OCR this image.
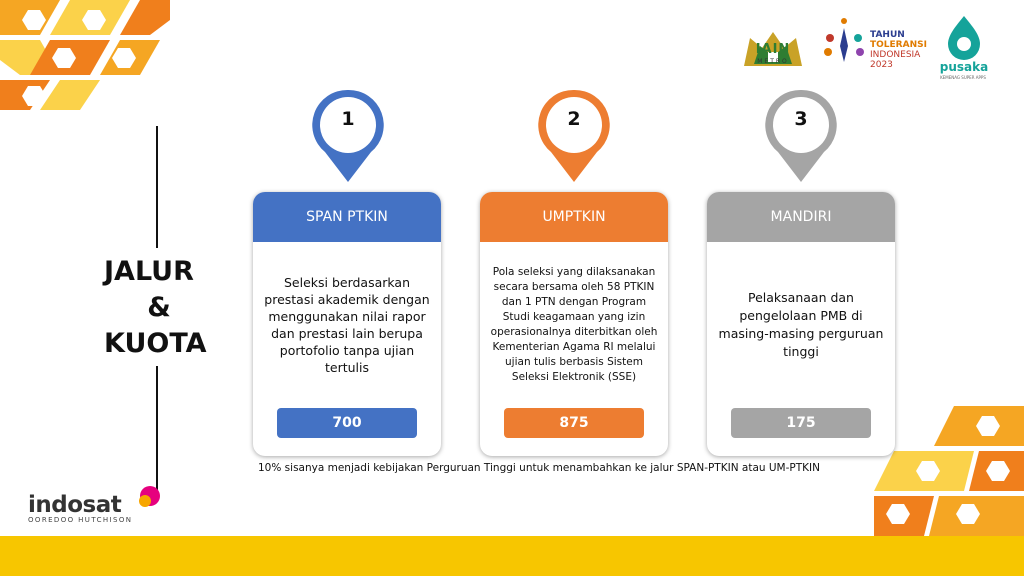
IAIN
METRO
TAHUN
TOLERANSI
INDONESIA
2023	pusaka
KEMENAG SUPER APPS
JALUR
&
KUOTA
1	2	3
SPAN PTKIN
Seleksi berdasarkan prestasi akademik dengan menggunakan nilai rapor dan prestasi lain berupa portofolio tanpa ujian tertulis
700
UMPTKIN
Pola seleksi yang dilaksanakan secara bersama oleh 58 PTKIN dan 1 PTN dengan Program Studi keagamaan yang izin operasionalnya diterbitkan oleh Kementerian Agama RI melalui ujian tulis berbasis Sistem Seleksi Elektronik (SSE)
875
MANDIRI
Pelaksanaan dan pengelolaan PMB di masing-masing perguruan tinggi
175
10% sisanya menjadi kebijakan Perguruan Tinggi untuk menambahkan ke jalur SPAN-PTKIN atau UM-PTKIN
indosat
OOREDOO HUTCHISON
